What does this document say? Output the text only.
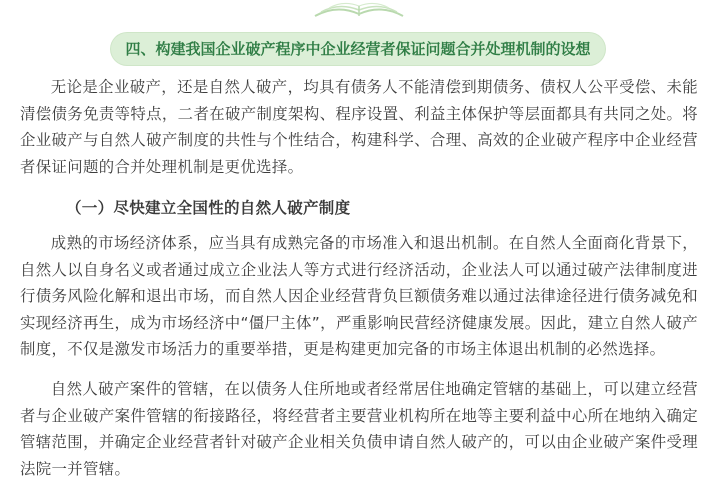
四、构建我国企业破产程序中企业经营者保证问题合并处理机制的设想

无论是企业破产，还是自然人破产，均具有债务人不能清偿到期债务、债权人公平受偿、未能清偿债务免责等特点，二者在破产制度架构、程序设置、利益主体保护等层面都具有共同之处。将企业破产与自然人破产制度的共性与个性结合，构建科学、合理、高效的企业破产程序中企业经营者保证问题的合并处理机制是更优选择。

（一）尽快建立全国性的自然人破产制度

成熟的市场经济体系，应当具有成熟完备的市场准入和退出机制。在自然人全面商化背景下，自然人以自身名义或者通过成立企业法人等方式进行经济活动，企业法人可以通过破产法律制度进行债务风险化解和退出市场，而自然人因企业经营背负巨额债务难以通过法律途径进行债务减免和实现经济再生，成为市场经济中“僵尸主体”，严重影响民营经济健康发展。因此，建立自然人破产制度，不仅是激发市场活力的重要举措，更是构建更加完备的市场主体退出机制的必然选择。

自然人破产案件的管辖，在以债务人住所地或者经常居住地确定管辖的基础上，可以建立经营者与企业破产案件管辖的衔接路径，将经营者主要营业机构所在地等主要利益中心所在地纳入确定管辖范围，并确定企业经营者针对破产企业相关负债申请自然人破产的，可以由企业破产案件受理法院一并管辖。
